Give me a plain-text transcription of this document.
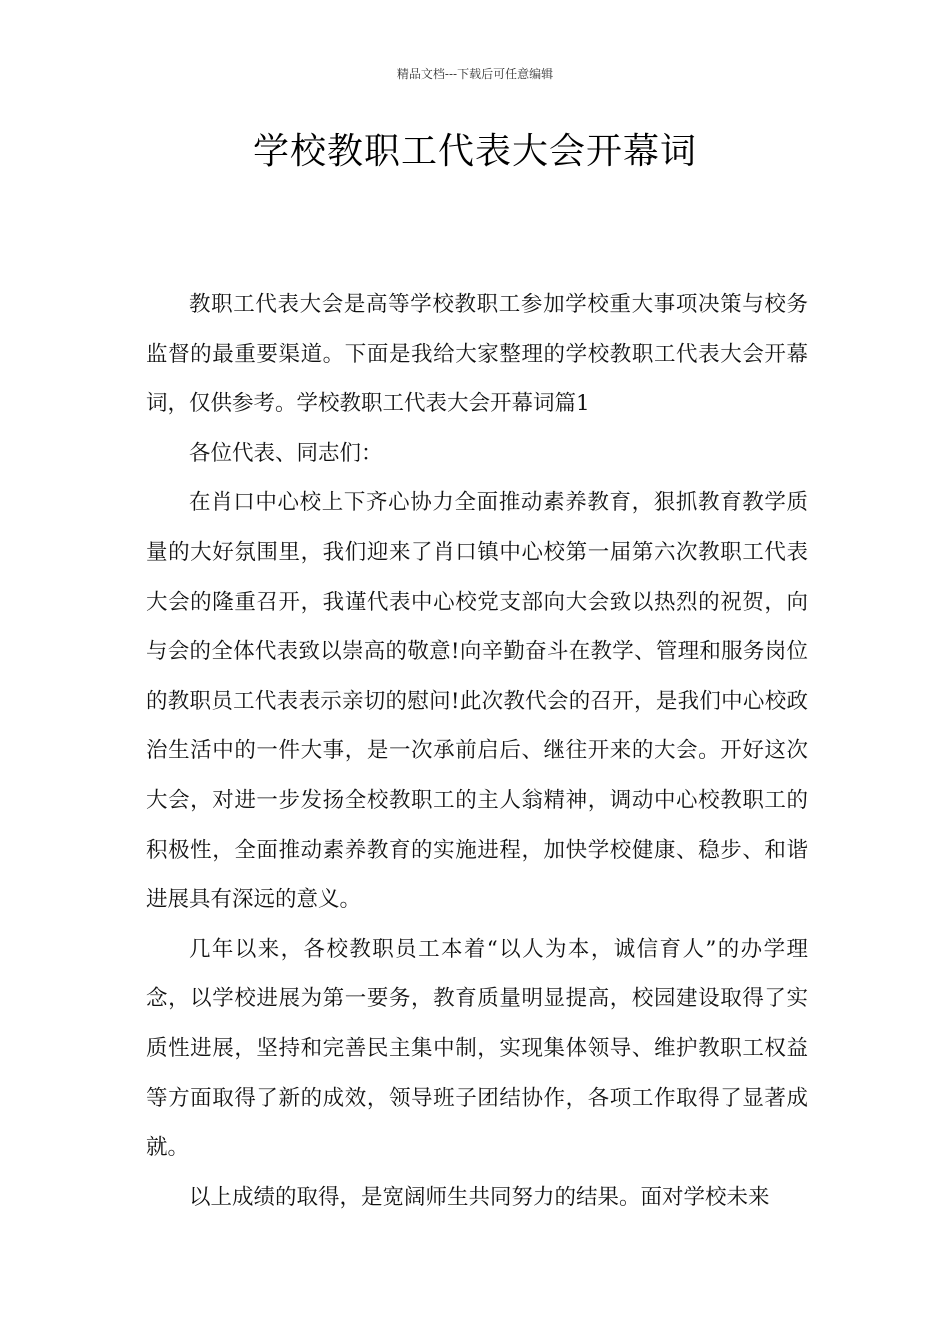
精品文档---下载后可任意编辑
学校教职工代表大会开幕词

教职工代表大会是高等学校教职工参加学校重大事项决策与校务监督的最重要渠道。下面是我给大家整理的学校教职工代表大会开幕词，仅供参考。学校教职工代表大会开幕词篇1

各位代表、同志们：

在肖口中心校上下齐心协力全面推动素养教育，狠抓教育教学质量的大好氛围里，我们迎来了肖口镇中心校第一届第六次教职工代表大会的隆重召开，我谨代表中心校党支部向大会致以热烈的祝贺，向与会的全体代表致以崇高的敬意!向辛勤奋斗在教学、管理和服务岗位的教职员工代表表示亲切的慰问!此次教代会的召开，是我们中心校政治生活中的一件大事，是一次承前启后、继往开来的大会。开好这次大会，对进一步发扬全校教职工的主人翁精神，调动中心校教职工的积极性，全面推动素养教育的实施进程，加快学校健康、稳步、和谐进展具有深远的意义。

几年以来，各校教职员工本着“以人为本，诚信育人”的办学理念，以学校进展为第一要务，教育质量明显提高，校园建设取得了实质性进展，坚持和完善民主集中制，实现集体领导、维护教职工权益等方面取得了新的成效，领导班子团结协作，各项工作取得了显著成就。

以上成绩的取得，是宽阔师生共同努力的结果。面对学校未来
